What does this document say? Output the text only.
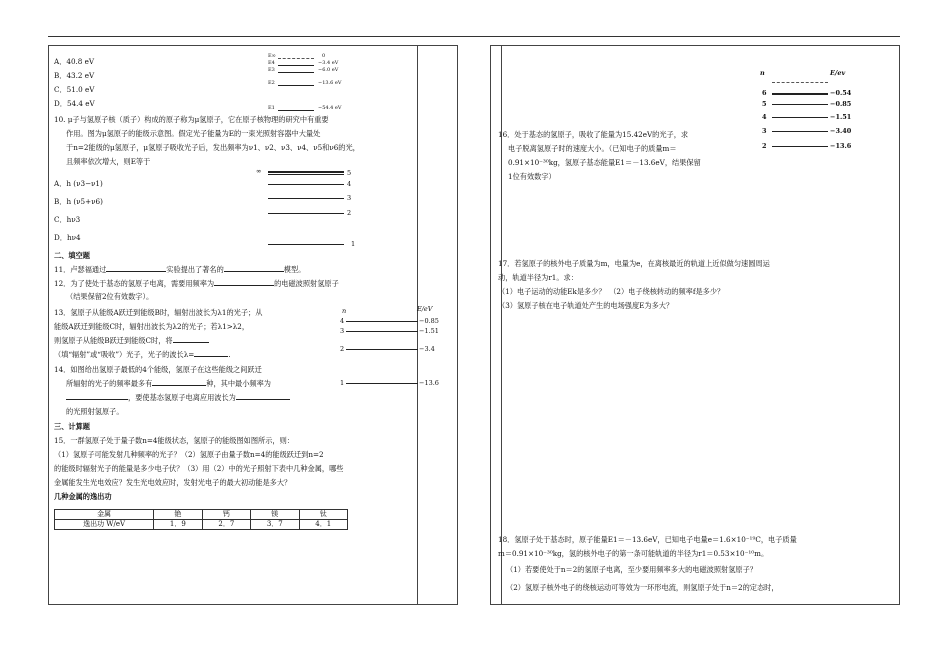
A．40.8 eV
B．43.2 eV
C．51.0 eV
D．54.4 eV
E∞	0
E4	−3.4 eV
E3	−6.0 eV
E2	−13.6 eV
E1	−54.4 eV
10. μ子与氢原子核（质子）构成的原子称为μ氢原子，它在原子核物理的研究中有重要
作用。图为μ氢原子的能级示意图。假定光子能量为E的一束光照射容器中大量处
于n=2能级的μ氢原子，μ氢原子吸收光子后，发出频率为ν1、ν2、ν3、ν4、ν5和ν6的光，
且频率依次增大，则E等于
A．h (ν3−ν1)
B．h (ν5+ν6)
C．hν3
D．hν4
∞	5
4
3
2
1
二、填空题
11．卢瑟福通过	实验提出了著名的	模型。
12．为了使处于基态的氢原子电离，需要用频率为	的电磁波照射氢原子
（结果保留2位有效数字）。
13．氢原子从能级A跃迁到能级B时，辐射出波长为λ1的光子；从
能级A跃迁到能级C时，辐射出波长为λ2的光子；若λ1>λ2，
则氢原子从能级B跃迁到能级C时，将
（填“辐射”或“吸收”）光子，光子的波长λ=	.
n	E/eV
4	−0.85
3	−1.51
2	−3.4
1	−13.6
14．如图给出氢原子最低的4个能级，氢原子在这些能级之间跃迁
所辐射的光子的频率最多有	种，其中最小频率为
，要使基态氢原子电离应用波长为
的光照射氢原子。
三、计算题
15．一群氢原子处于量子数n=4能级状态，氢原子的能级图如图所示，则：
（1）氢原子可能发射几种频率的光子？（2）氢原子由量子数n=4的能级跃迁到n=2
的能级时辐射光子的能量是多少电子伏？（3）用（2）中的光子照射下表中几种金属，哪些
金属能发生光电效应？发生光电效应时，发射光电子的最大初动能是多大？
几种金属的逸出功
金属	铯	钙	镁	钛
逸出功 W/eV	1．9	2．7	3．7	4．1
n	E/ev
6	−0.54
5	−0.85
4	−1.51
3	−3.40
2	−13.6
16．处于基态的氢原子，吸收了能量为15.42eV的光子，求
电子脱离氢原子时的速度大小。（已知电子的质量m＝
0.91×10⁻³⁰kg，氢原子基态能量E1＝－13.6eV，结果保留
1位有效数字）
17．若氢原子的核外电子质量为m，电量为e，在离核最近的轨道上近似做匀速圆周运
动，轨道半径为r1。求：
（1）电子运动的动能Ek是多少？　（2）电子绕核转动的频率f是多少？
（3）氢原子核在电子轨道处产生的电场强度E为多大？
18．氢原子处于基态时，原子能量E1＝－13.6eV，已知电子电量e＝1.6×10⁻¹⁹C，电子质量
m＝0.91×10⁻³⁰kg，氢的核外电子的第一条可能轨道的半径为r1＝0.53×10⁻¹⁰m。
（1）若要使处于n＝2的氢原子电离，至少要用频率多大的电磁波照射氢原子？
（2）氢原子核外电子的绕核运动可等效为一环形电流，则氢原子处于n＝2的定态时，
